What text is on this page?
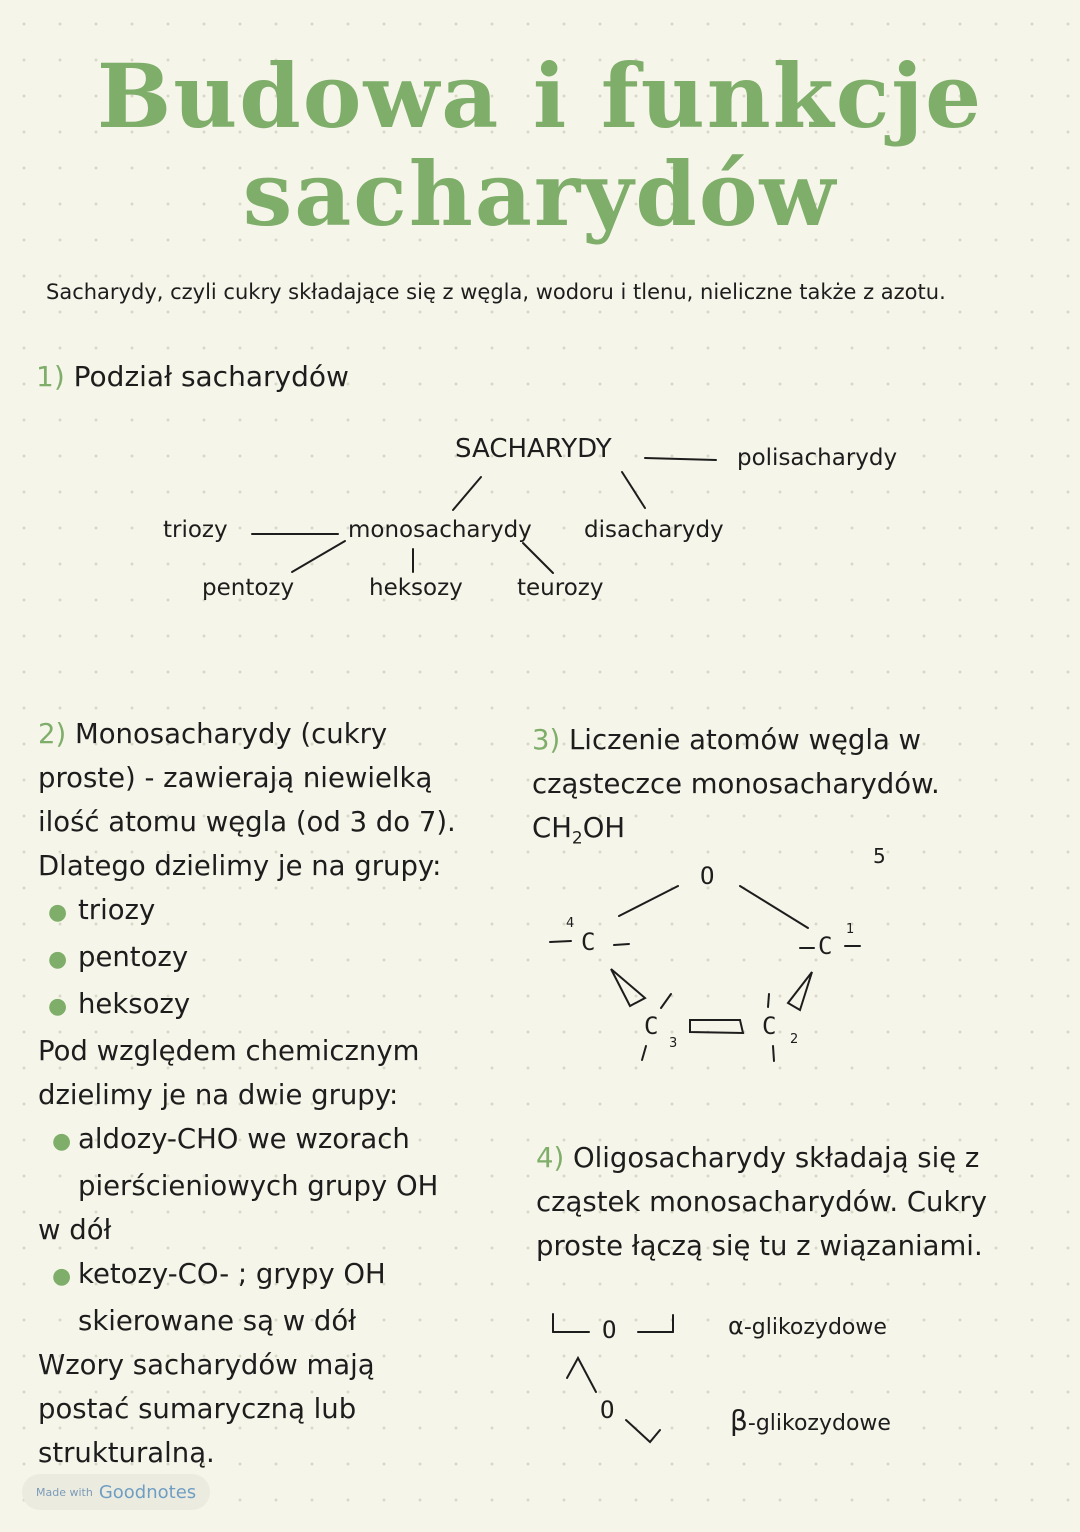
Budowa i funkcje
sacharydów
Sacharydy, czyli cukry składające się z węgla, wodoru i tlenu, nieliczne także z azotu.
1) Podział sacharydów
SACHARYDY	polisacharydy
monosacharydy disacharydy
triozy
pentozy	heksozy teurozy
2) Monosacharydy (cukry
proste) - zawierają niewielką
ilość atomu węgla (od 3 do 7).
Dlatego dzielimy je na grupy:
● triozy
● pentozy
● heksozy
Pod względem chemicznym
dzielimy je na dwie grupy:
● aldozy-CHO we wzorach
pierścieniowych grupy OH
w dół
● ketozy-CO- ; grypy OH
skierowane są w dół
Wzory sacharydów mają
postać sumaryczną lub
strukturalną.
3) Liczenie atomów węgla w
cząsteczce monosacharydów.
$CH_2OH$
O
C	C
C	C
4	1
3	2
5
4) Oligosacharydy składają się z
cząstek monosacharydów. Cukry
proste łączą się tu z wiązaniami.
O
O
α-glikozydowe
β-glikozydowe
Made with Goodnotes
